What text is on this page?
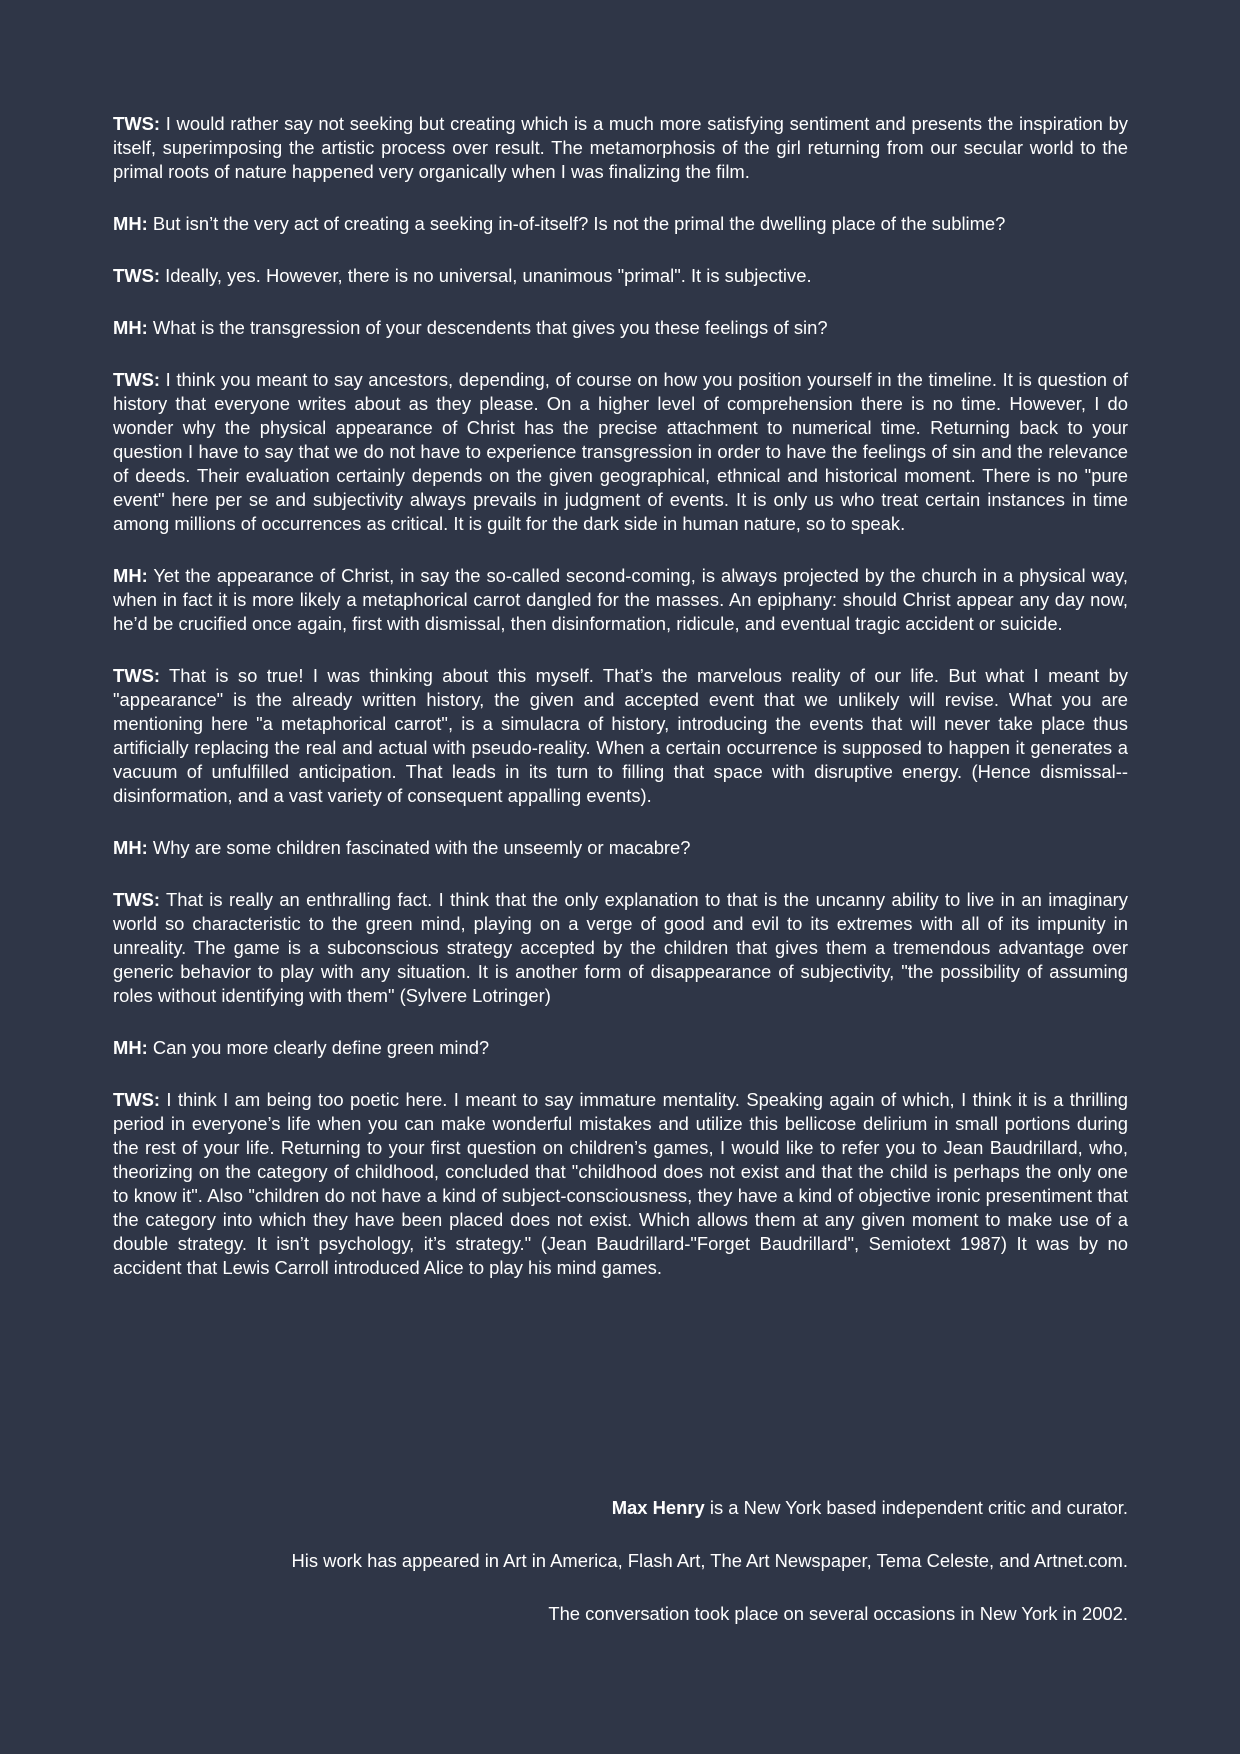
TWS: I would rather say not seeking but creating which is a much more satisfying sentiment and presents the inspiration by itself, superimposing the artistic process over result. The metamorphosis of the girl returning from our secular world to the primal roots of nature happened very organically when I was finalizing the film.

MH: But isn’t the very act of creating a seeking in-of-itself? Is not the primal the dwelling place of the sublime?

TWS: Ideally, yes. However, there is no universal, unanimous "primal". It is subjective.

MH: What is the transgression of your descendents that gives you these feelings of sin?

TWS: I think you meant to say ancestors, depending, of course on how you position yourself in the timeline. It is question of history that everyone writes about as they please. On a higher level of comprehension there is no time. However, I do wonder why the physical appearance of Christ has the precise attachment to numerical time. Returning back to your question I have to say that we do not have to experience transgression in order to have the feelings of sin and the relevance of deeds. Their evaluation certainly depends on the given geographical, ethnical and historical moment. There is no "pure event" here per se and subjectivity always prevails in judgment of events. It is only us who treat certain instances in time among millions of occurrences as critical. It is guilt for the dark side in human nature, so to speak.

MH: Yet the appearance of Christ, in say the so-called second-coming, is always projected by the church in a physical way, when in fact it is more likely a metaphorical carrot dangled for the masses. An epiphany: should Christ appear any day now, he’d be crucified once again, first with dismissal, then disinformation, ridicule, and eventual tragic accident or suicide.

TWS: That is so true! I was thinking about this myself. That’s the marvelous reality of our life. But what I meant by "appearance" is the already written history, the given and accepted event that we unlikely will revise. What you are mentioning here "a metaphorical carrot", is a simulacra of history, introducing the events that will never take place thus artificially replacing the real and actual with pseudo-reality. When a certain occurrence is supposed to happen it generates a vacuum of unfulfilled anticipation. That leads in its turn to filling that space with disruptive energy. (Hence dismissal--disinformation, and a vast variety of consequent appalling events).

MH: Why are some children fascinated with the unseemly or macabre?

TWS: That is really an enthralling fact. I think that the only explanation to that is the uncanny ability to live in an imaginary world so characteristic to the green mind, playing on a verge of good and evil to its extremes with all of its impunity in unreality. The game is a subconscious strategy accepted by the children that gives them a tremendous advantage over generic behavior to play with any situation. It is another form of disappearance of subjectivity, "the possibility of assuming roles without identifying with them" (Sylvere Lotringer)

MH: Can you more clearly define green mind?

TWS: I think I am being too poetic here. I meant to say immature mentality. Speaking again of which, I think it is a thrilling period in everyone’s life when you can make wonderful mistakes and utilize this bellicose delirium in small portions during the rest of your life. Returning to your first question on children’s games, I would like to refer you to Jean Baudrillard, who, theorizing on the category of childhood, concluded that "childhood does not exist and that the child is perhaps the only one to know it". Also "children do not have a kind of subject-consciousness, they have a kind of objective ironic presentiment that the category into which they have been placed does not exist. Which allows them at any given moment to make use of a double strategy. It isn’t psychology, it’s strategy." (Jean Baudrillard-"Forget Baudrillard", Semiotext 1987) It was by no accident that Lewis Carroll introduced Alice to play his mind games.

Max Henry is a New York based independent critic and curator.

His work has appeared in Art in America, Flash Art, The Art Newspaper, Tema Celeste, and Artnet.com.

The conversation took place on several occasions in New York in 2002.
